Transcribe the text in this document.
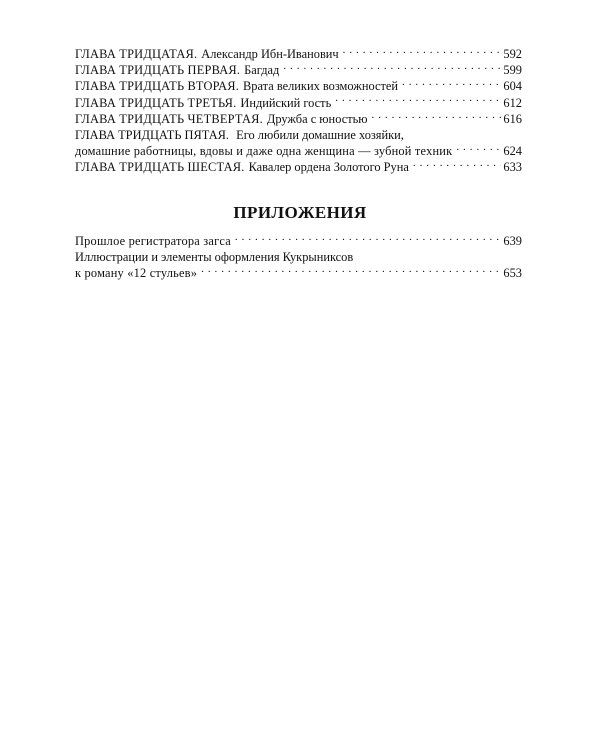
ГЛАВА ТРИДЦАТАЯ. Александр Ибн-Иванович . . .	592
ГЛАВА ТРИДЦАТЬ ПЕРВАЯ. Багдад . . .	599
ГЛАВА ТРИДЦАТЬ ВТОРАЯ. Врата великих возможностей . . .	604
ГЛАВА ТРИДЦАТЬ ТРЕТЬЯ. Индийский гость . . .	612
ГЛАВА ТРИДЦАТЬ ЧЕТВЕРТАЯ. Дружба с юностью . . .	616
ГЛАВА ТРИДЦАТЬ ПЯТАЯ. Его любили домашние хозяйки,
домашние работницы, вдовы и даже одна женщина — зубной техник . . .	624
ГЛАВА ТРИДЦАТЬ ШЕСТАЯ. Кавалер ордена Золотого Руна . . .	633
ПРИЛОЖЕНИЯ
Прошлое регистратора загса . . .	639
Иллюстрации и элементы оформления Кукрыниксов
к роману «12 стульев» . . .	653
